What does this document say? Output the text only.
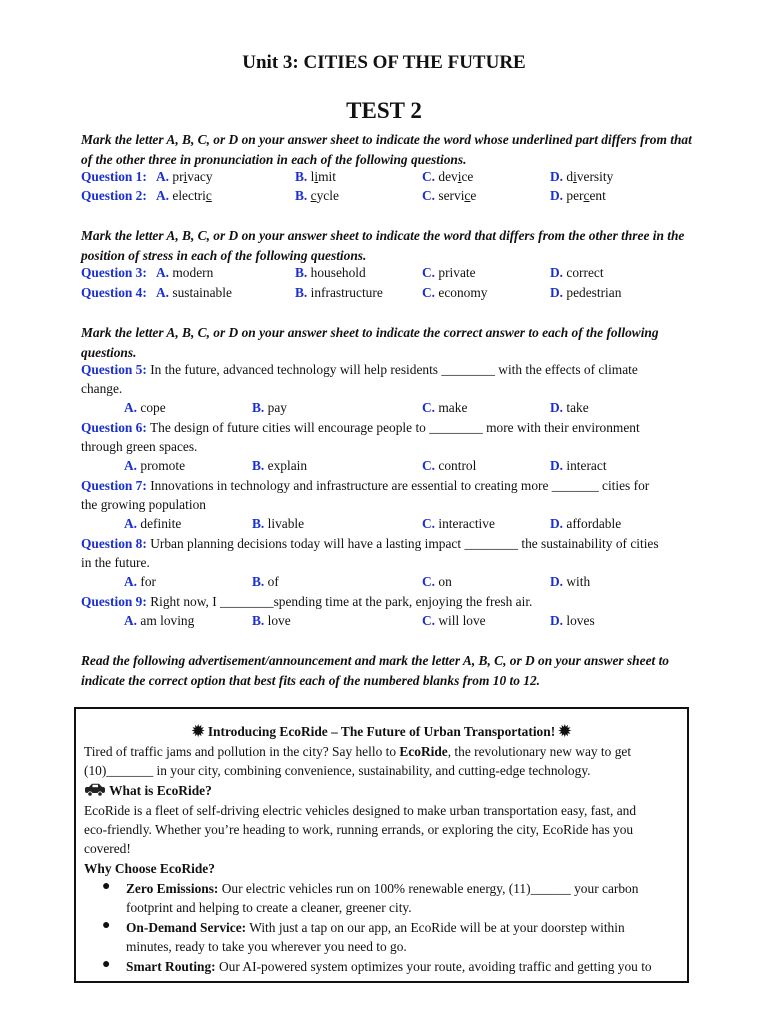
Unit 3: CITIES OF THE FUTURE
TEST 2
Mark the letter A, B, C, or D on your answer sheet to indicate the word whose underlined part differs from that of the other three in pronunciation in each of the following questions.
Question 1: A. privacy	B. limit	C. device	D. diversity
Question 2: A. electric	B. cycle	C. service	D. percent
Mark the letter A, B, C, or D on your answer sheet to indicate the word that differs from the other three in the position of stress in each of the following questions.
Question 3: A. modern	B. household	C. private	D. correct
Question 4: A. sustainable	B. infrastructure	C. economy	D. pedestrian
Mark the letter A, B, C, or D on your answer sheet to indicate the correct answer to each of the following questions.
Question 5: In the future, advanced technology will help residents ________ with the effects of climate
change.
A. cope	B. pay	C. make	D. take
Question 6: The design of future cities will encourage people to ________ more with their environment
through green spaces.
A. promote	B. explain	C. control	D. interact
Question 7: Innovations in technology and infrastructure are essential to creating more _______ cities for
the growing population
A. definite	B. livable	C. interactive	D. affordable
Question 8: Urban planning decisions today will have a lasting impact ________ the sustainability of cities
in the future.
A. for	B. of	C. on	D. with
Question 9: Right now, I ________spending time at the park, enjoying the fresh air.
A. am loving	B. love	C. will love	D. loves
Read the following advertisement/announcement and mark the letter A, B, C, or D on your answer sheet to indicate the correct option that best fits each of the numbered blanks from 10 to 12.
✹ Introducing EcoRide – The Future of Urban Transportation! ✹
Tired of traffic jams and pollution in the city? Say hello to EcoRide, the revolutionary new way to get
(10)_______ in your city, combining convenience, sustainability, and cutting-edge technology.
What is EcoRide?
EcoRide is a fleet of self-driving electric vehicles designed to make urban transportation easy, fast, and
eco-friendly. Whether you’re heading to work, running errands, or exploring the city, EcoRide has you
covered!
Why Choose EcoRide?
● Zero Emissions: Our electric vehicles run on 100% renewable energy, (11)______ your carbon
footprint and helping to create a cleaner, greener city.
● On-Demand Service: With just a tap on our app, an EcoRide will be at your doorstep within
minutes, ready to take you wherever you need to go.
● Smart Routing: Our AI-powered system optimizes your route, avoiding traffic and getting you to
